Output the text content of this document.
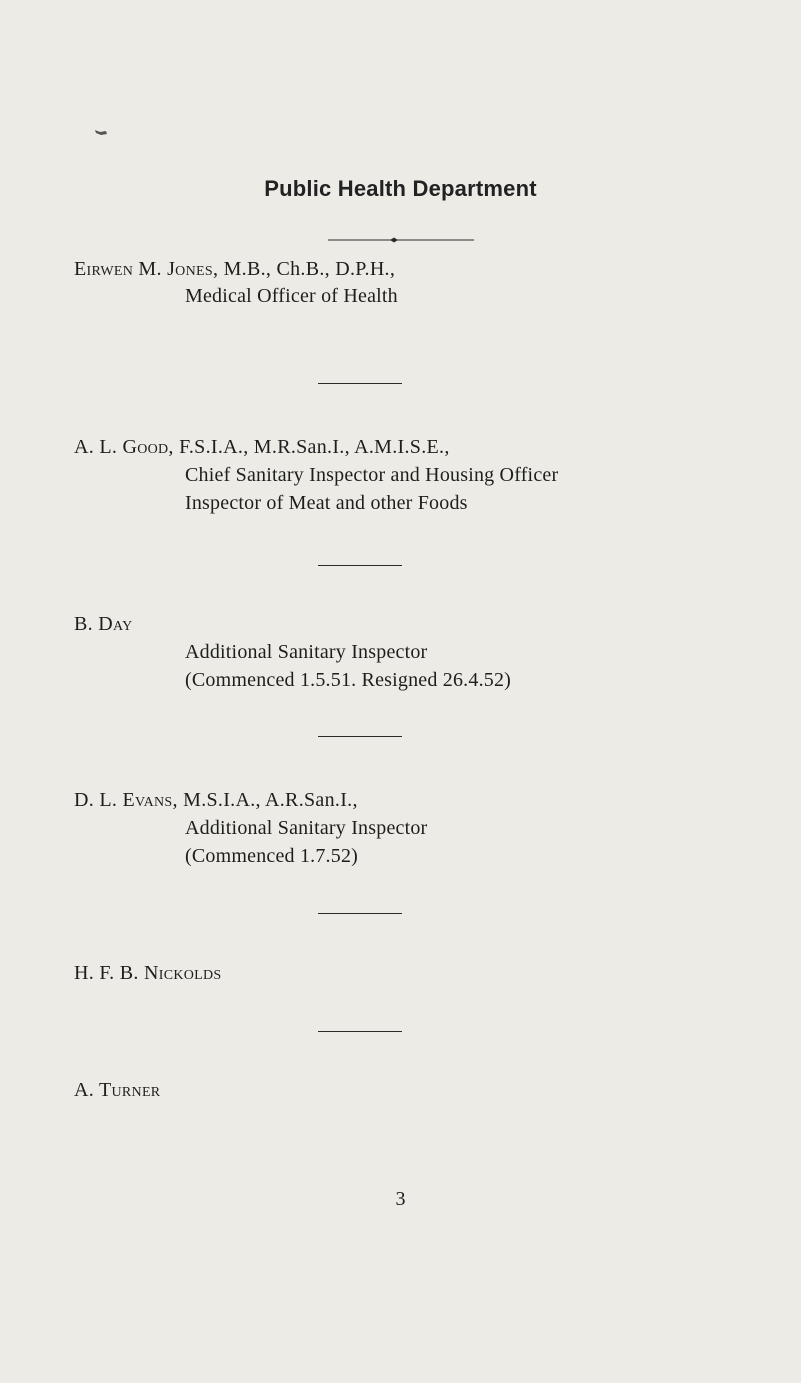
Public Health Department
Eirwen M. Jones, M.B., Ch.B., D.P.H.,
Medical Officer of Health
A. L. Good, F.S.I.A., M.R.San.I., A.M.I.S.E.,
Chief Sanitary Inspector and Housing Officer
Inspector of Meat and other Foods
B. Day
Additional Sanitary Inspector
(Commenced 1.5.51. Resigned 26.4.52)
D. L. Evans, M.S.I.A., A.R.San.I.,
Additional Sanitary Inspector
(Commenced 1.7.52)
H. F. B. Nickolds
A. Turner
3
